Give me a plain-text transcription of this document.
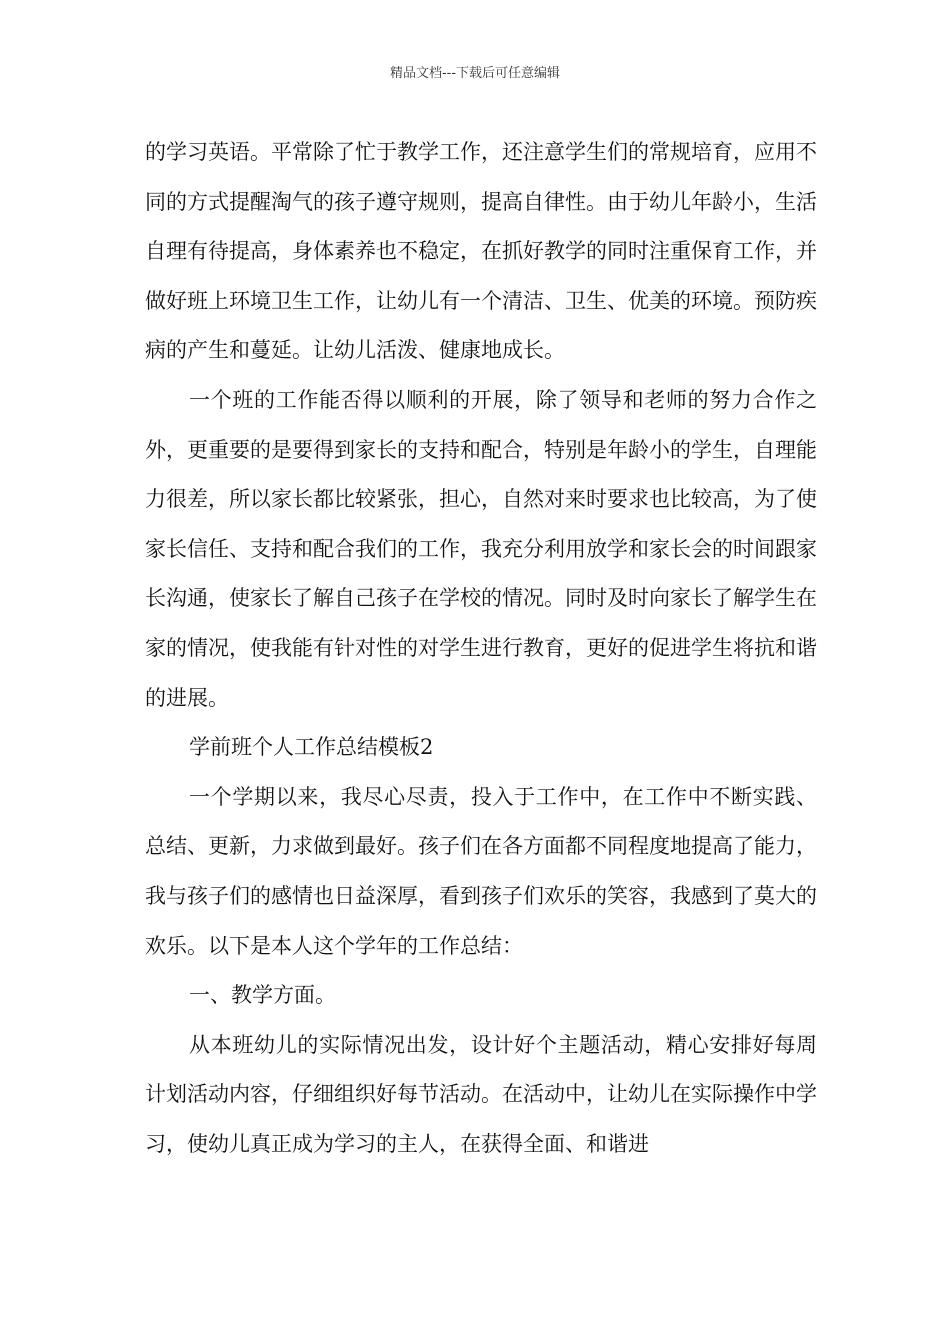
精品文档---下载后可任意编辑

的学习英语。平常除了忙于教学工作，还注意学生们的常规培育，应用不同的方式提醒淘气的孩子遵守规则，提高自律性。由于幼儿年龄小，生活自理有待提高，身体素养也不稳定，在抓好教学的同时注重保育工作，并做好班上环境卫生工作，让幼儿有一个清洁、卫生、优美的环境。预防疾病的产生和蔓延。让幼儿活泼、健康地成长。

一个班的工作能否得以顺利的开展，除了领导和老师的努力合作之外，更重要的是要得到家长的支持和配合，特别是年龄小的学生，自理能力很差，所以家长都比较紧张，担心，自然对来时要求也比较高，为了使家长信任、支持和配合我们的工作，我充分利用放学和家长会的时间跟家长沟通，使家长了解自己孩子在学校的情况。同时及时向家长了解学生在家的情况，使我能有针对性的对学生进行教育，更好的促进学生将抗和谐的进展。

学前班个人工作总结模板2

一个学期以来，我尽心尽责，投入于工作中，在工作中不断实践、总结、更新，力求做到最好。孩子们在各方面都不同程度地提高了能力，我与孩子们的感情也日益深厚，看到孩子们欢乐的笑容，我感到了莫大的欢乐。以下是本人这个学年的工作总结：

一、教学方面。

从本班幼儿的实际情况出发，设计好个主题活动，精心安排好每周计划活动内容，仔细组织好每节活动。在活动中，让幼儿在实际操作中学习，使幼儿真正成为学习的主人，在获得全面、和谐进
